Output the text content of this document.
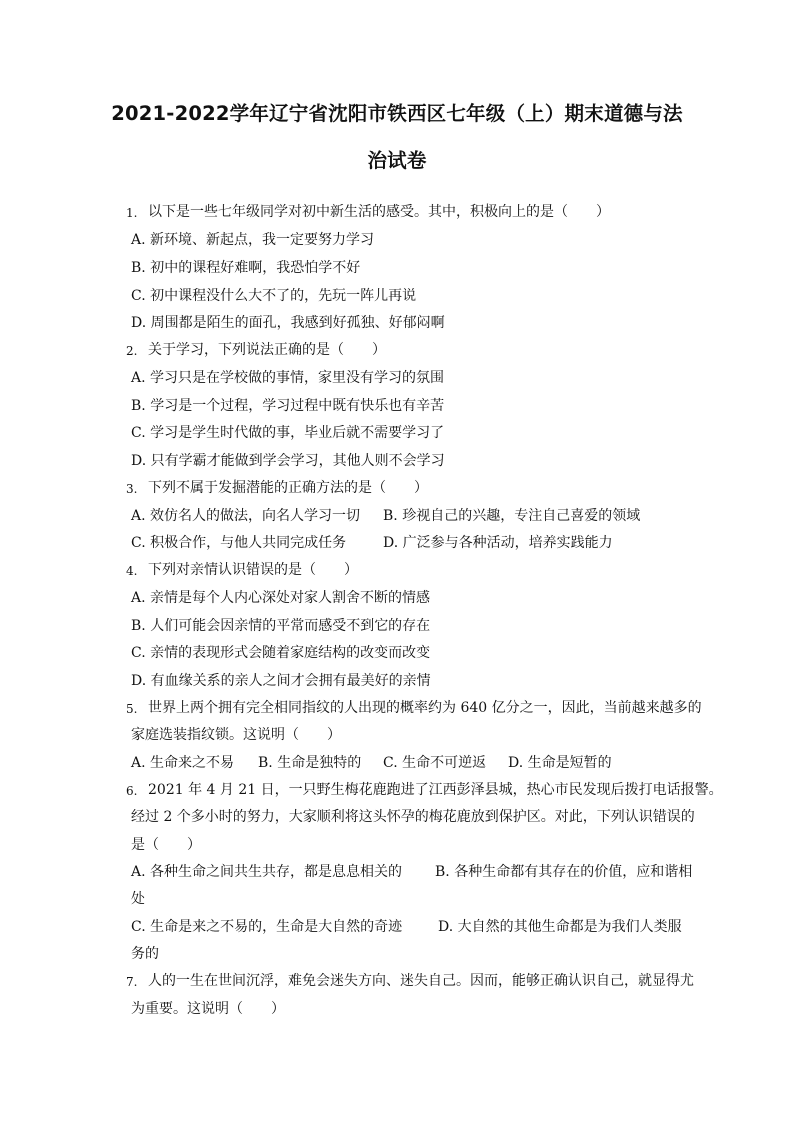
2021-2022学年辽宁省沈阳市铁西区七年级（上）期末道德与法
治试卷
1. 以下是一些七年级同学对初中新生活的感受。其中，积极向上的是（　　）
A. 新环境、新起点，我一定要努力学习
B. 初中的课程好难啊，我恐怕学不好
C. 初中课程没什么大不了的，先玩一阵儿再说
D. 周围都是陌生的面孔，我感到好孤独、好郁闷啊
2. 关于学习，下列说法正确的是（　　）
A. 学习只是在学校做的事情，家里没有学习的氛围
B. 学习是一个过程，学习过程中既有快乐也有辛苦
C. 学习是学生时代做的事，毕业后就不需要学习了
D. 只有学霸才能做到学会学习，其他人则不会学习
3. 下列不属于发掘潜能的正确方法的是（　　）
A. 效仿名人的做法，向名人学习一切 B. 珍视自己的兴趣，专注自己喜爱的领域
C. 积极合作，与他人共同完成任务	D. 广泛参与各种活动，培养实践能力
4. 下列对亲情认识错误的是（　　）
A. 亲情是每个人内心深处对家人割舍不断的情感
B. 人们可能会因亲情的平常而感受不到它的存在
C. 亲情的表现形式会随着家庭结构的改变而改变
D. 有血缘关系的亲人之间才会拥有最美好的亲情
5. 世界上两个拥有完全相同指纹的人出现的概率约为 640 亿分之一，因此，当前越来越多的
家庭选装指纹锁。这说明（　　）
A. 生命来之不易 B. 生命是独特的 C. 生命不可逆返 D. 生命是短暂的
6. 2021 年 4 月 21 日，一只野生梅花鹿跑进了江西彭泽县城，热心市民发现后拨打电话报警。
经过 2 个多小时的努力，大家顺利将这头怀孕的梅花鹿放到保护区。对此，下列认识错误的
是（　　）
A. 各种生命之间共生共存，都是息息相关的 B. 各种生命都有其存在的价值，应和谐相
处
C. 生命是来之不易的，生命是大自然的奇迹	D. 大自然的其他生命都是为我们人类服
务的
7. 人的一生在世间沉浮，难免会迷失方向、迷失自己。因而，能够正确认识自己，就显得尤
为重要。这说明（　　）
